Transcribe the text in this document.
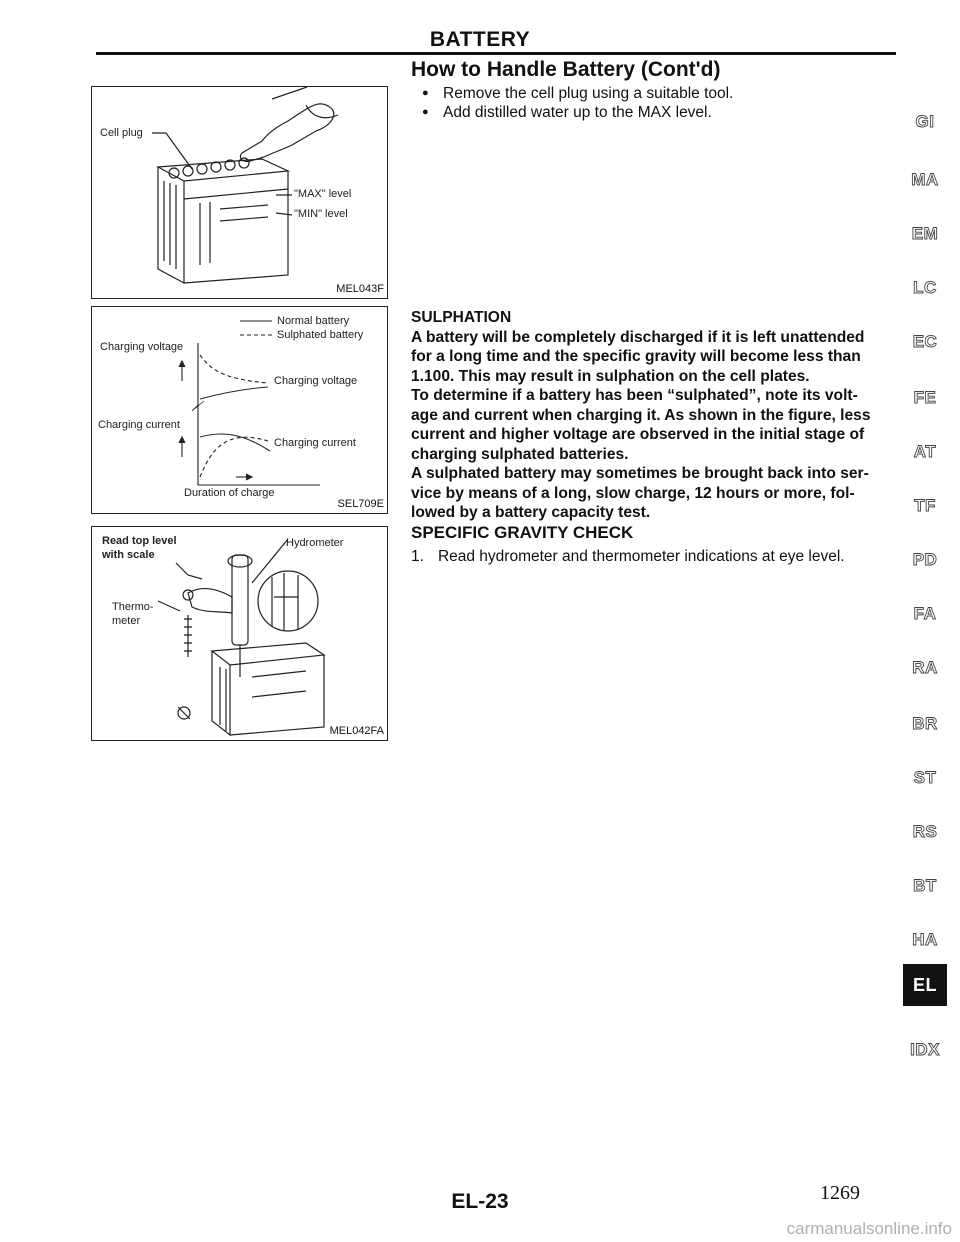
BATTERY
How to Handle Battery (Cont'd)
● Remove the cell plug using a suitable tool.
● Add distilled water up to the MAX level.
Cell plug
"MAX" level
"MIN" level
MEL043F
Normal battery
Sulphated battery
Charging voltage
Charging voltage
Charging current
Charging current
Duration of charge
SEL709E
Read top level
with scale
Hydrometer
Thermo-
meter
MEL042FA
SULPHATION
A battery will be completely discharged if it is left unattended
for a long time and the specific gravity will become less than
1.100. This may result in sulphation on the cell plates.
To determine if a battery has been “sulphated”, note its volt-
age and current when charging it. As shown in the figure, less
current and higher voltage are observed in the initial stage of
charging sulphated batteries.
A sulphated battery may sometimes be brought back into ser-
vice by means of a long, slow charge, 12 hours or more, fol-
lowed by a battery capacity test.
SPECIFIC GRAVITY CHECK
1. Read hydrometer and thermometer indications at eye level.
GI
MA
EM
LC
EC
FE
AT
TF
PD
FA
RA
BR
ST
RS
BT
HA
EL
IDX
EL-23	1269
carmanualsonline.info
